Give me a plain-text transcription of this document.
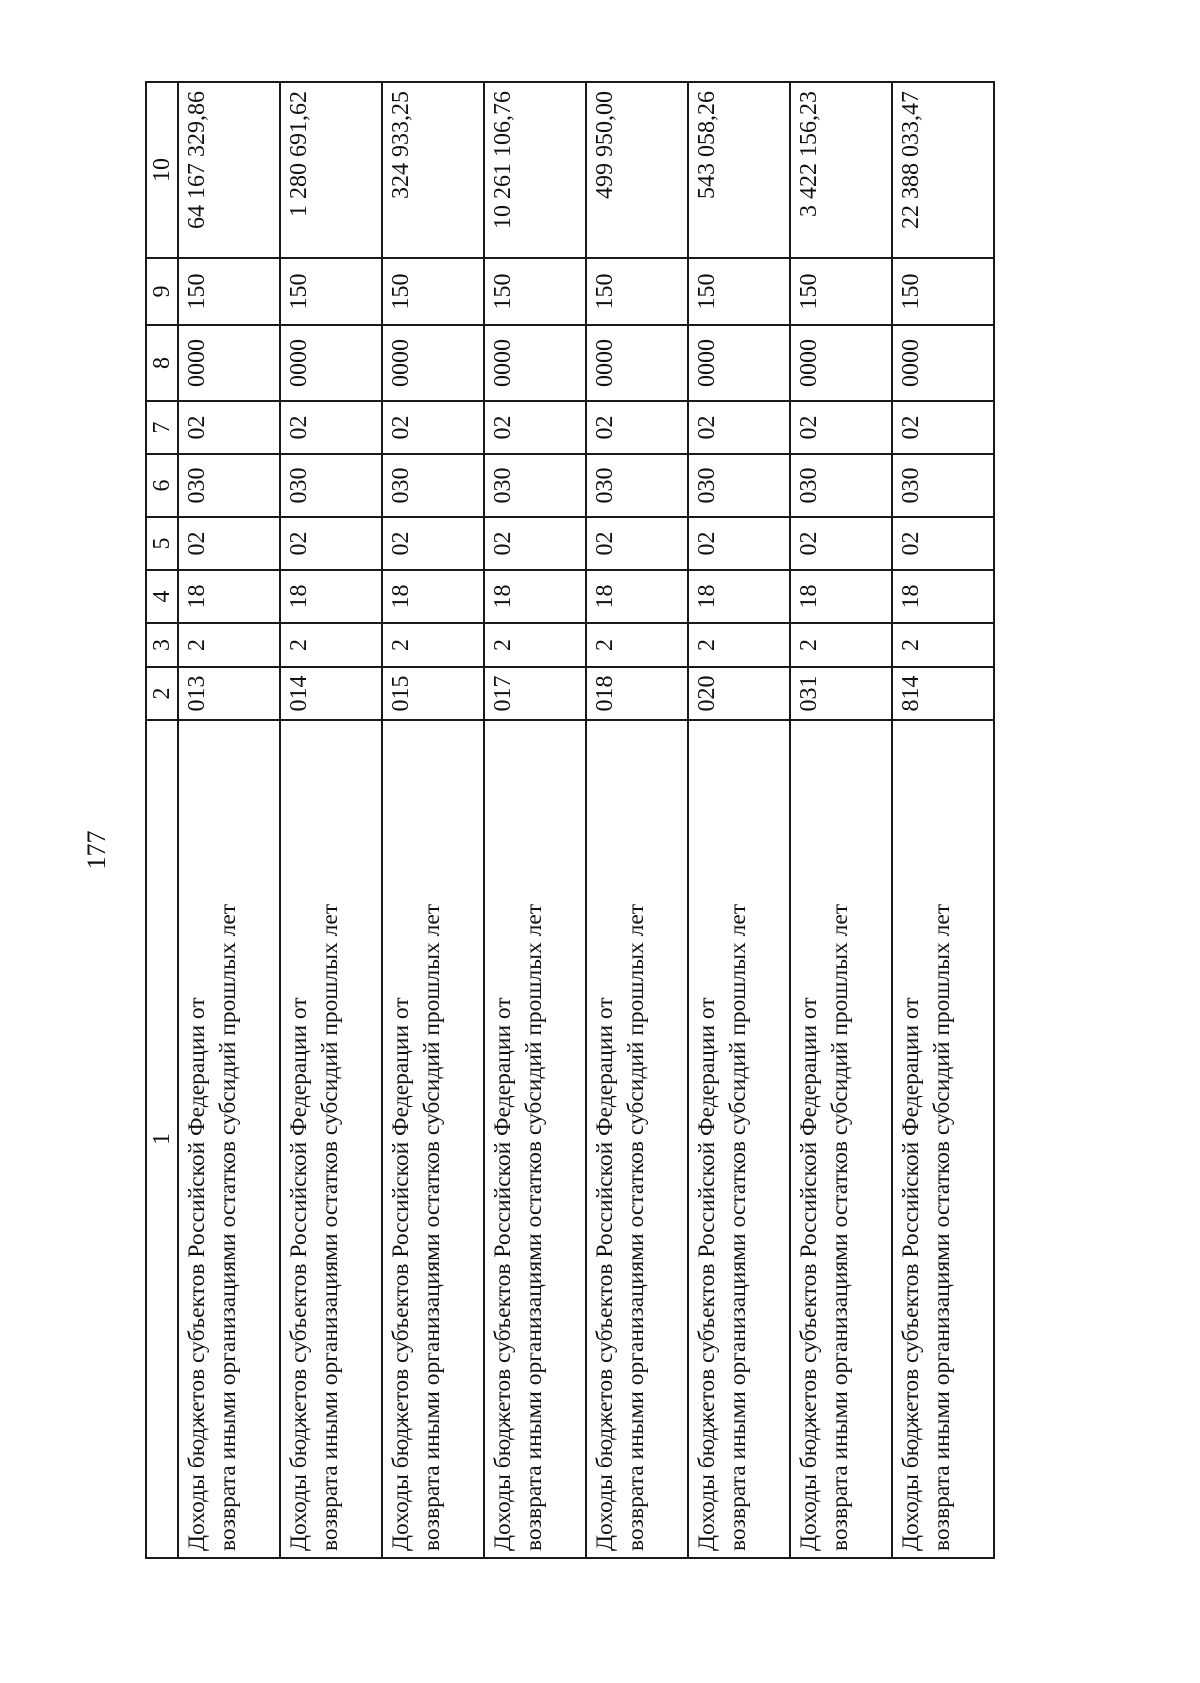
177
1	2	3	4	5	6	7	8	9	10
Доходы бюджетов субъектов Российской Федерации от возврата иными организациями остатков субсидий прошлых лет	013	2	18	02	030	02	0000	150	64 167 329,86
Доходы бюджетов субъектов Российской Федерации от возврата иными организациями остатков субсидий прошлых лет	014	2	18	02	030	02	0000	150	1 280 691,62
Доходы бюджетов субъектов Российской Федерации от возврата иными организациями остатков субсидий прошлых лет	015	2	18	02	030	02	0000	150	324 933,25
Доходы бюджетов субъектов Российской Федерации от возврата иными организациями остатков субсидий прошлых лет	017	2	18	02	030	02	0000	150	10 261 106,76
Доходы бюджетов субъектов Российской Федерации от возврата иными организациями остатков субсидий прошлых лет	018	2	18	02	030	02	0000	150	499 950,00
Доходы бюджетов субъектов Российской Федерации от возврата иными организациями остатков субсидий прошлых лет	020	2	18	02	030	02	0000	150	543 058,26
Доходы бюджетов субъектов Российской Федерации от возврата иными организациями остатков субсидий прошлых лет	031	2	18	02	030	02	0000	150	3 422 156,23
Доходы бюджетов субъектов Российской Федерации от возврата иными организациями остатков субсидий прошлых лет	814	2	18	02	030	02	0000	150	22 388 033,47
